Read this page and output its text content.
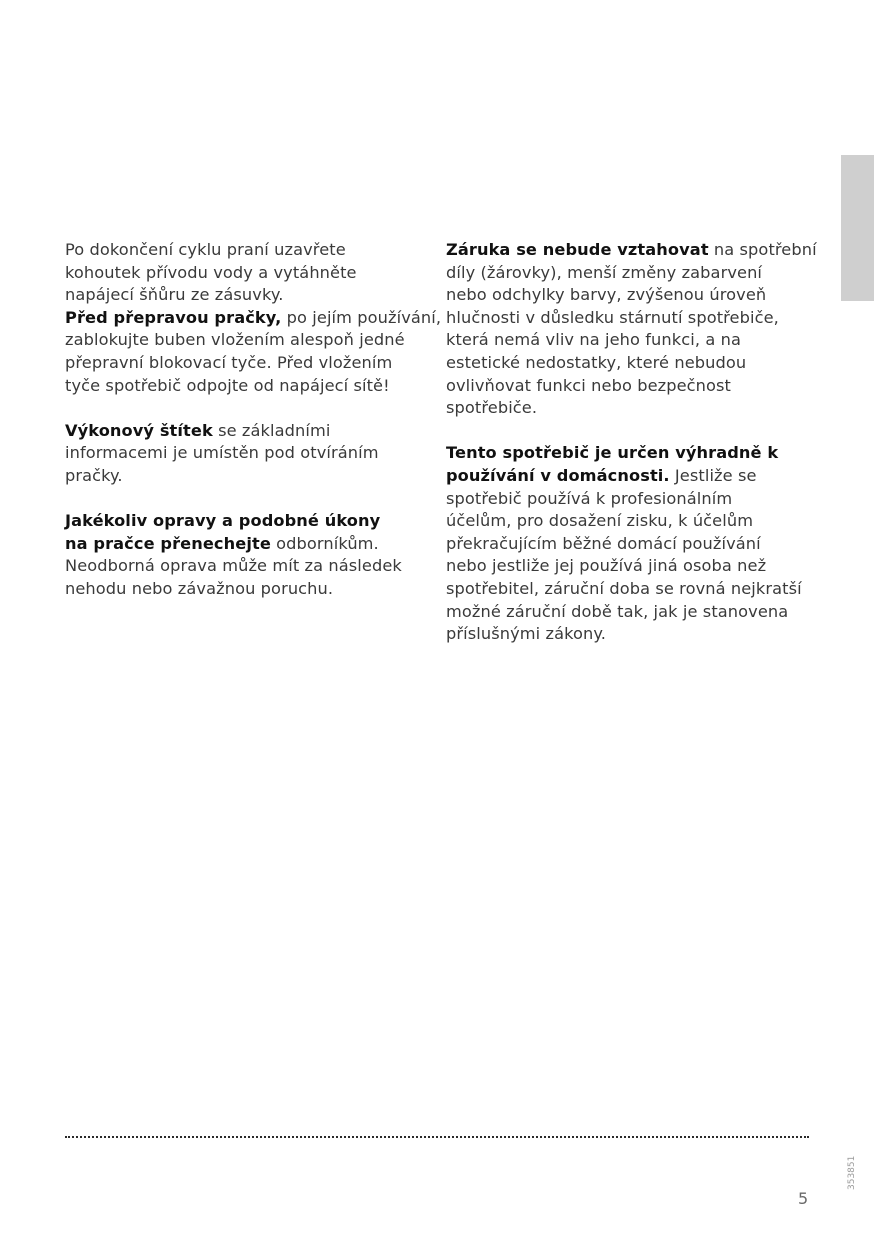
Po dokončení cyklu praní uzavřete
kohoutek přívodu vody a vytáhněte
napájecí šňůru ze zásuvky.
Před přepravou pračky, po jejím používání,
zablokujte buben vložením alespoň jedné
přepravní blokovací tyče. Před vložením
tyče spotřebič odpojte od napájecí sítě!

Výkonový štítek se základními
informacemi je umístěn pod otvíráním
pračky.

Jakékoliv opravy a podobné úkony
na pračce přenechejte odborníkům.
Neodborná oprava může mít za následek
nehodu nebo závažnou poruchu.

Záruka se nebude vztahovat na spotřební
díly (žárovky), menší změny zabarvení
nebo odchylky barvy, zvýšenou úroveň
hlučnosti v důsledku stárnutí spotřebiče,
která nemá vliv na jeho funkci, a na
estetické nedostatky, které nebudou
ovlivňovat funkci nebo bezpečnost
spotřebiče.

Tento spotřebič je určen výhradně k
používání v domácnosti. Jestliže se
spotřebič používá k profesionálním
účelům, pro dosažení zisku, k účelům
překračujícím běžné domácí používání
nebo jestliže jej používá jiná osoba než
spotřebitel, záruční doba se rovná nejkratší
možné záruční době tak, jak je stanovena
příslušnými zákony.

5
353851
